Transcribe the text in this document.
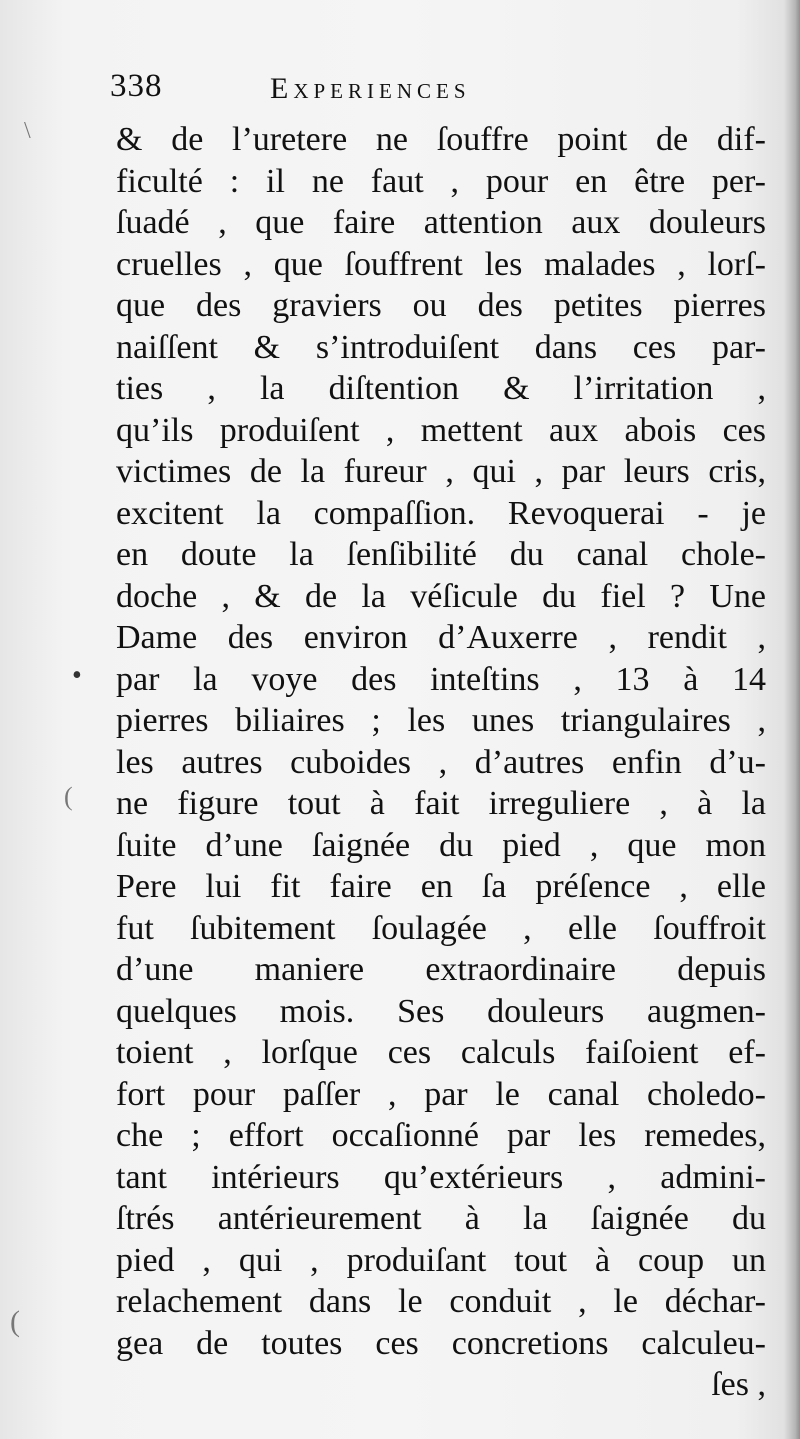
\
•
(
(
338	Experiences
& de l’uretere ne ſouffre point de dif-
ficulté : il ne faut , pour en être per-
ſuadé , que faire attention aux douleurs
cruelles , que ſouffrent les malades , lorſ-
que des graviers ou des petites pierres
naiſſent & s’introduiſent dans ces par-
ties , la diſtention & l’irritation ,
qu’ils produiſent , mettent aux abois ces
victimes de la fureur , qui , par leurs cris,
excitent la compaſſion. Revoquerai - je
en doute la ſenſibilité du canal chole-
doche , & de la véſicule du fiel ? Une
Dame des environ d’Auxerre , rendit ,
par la voye des inteſtins , 13 à 14
pierres biliaires ; les unes triangulaires ,
les autres cuboides , d’autres enfin d’u-
ne figure tout à fait irreguliere , à la
ſuite d’une ſaignée du pied , que mon
Pere lui fit faire en ſa préſence , elle
fut ſubitement ſoulagée , elle ſouffroit
d’une maniere extraordinaire depuis
quelques mois. Ses douleurs augmen-
toient , lorſque ces calculs faiſoient ef-
fort pour paſſer , par le canal choledo-
che ; effort occaſionné par les remedes,
tant intérieurs qu’extérieurs , admini-
ſtrés antérieurement à la ſaignée du
pied , qui , produiſant tout à coup un
relachement dans le conduit , le déchar-
gea de toutes ces concretions calculeu-
ſes ,
